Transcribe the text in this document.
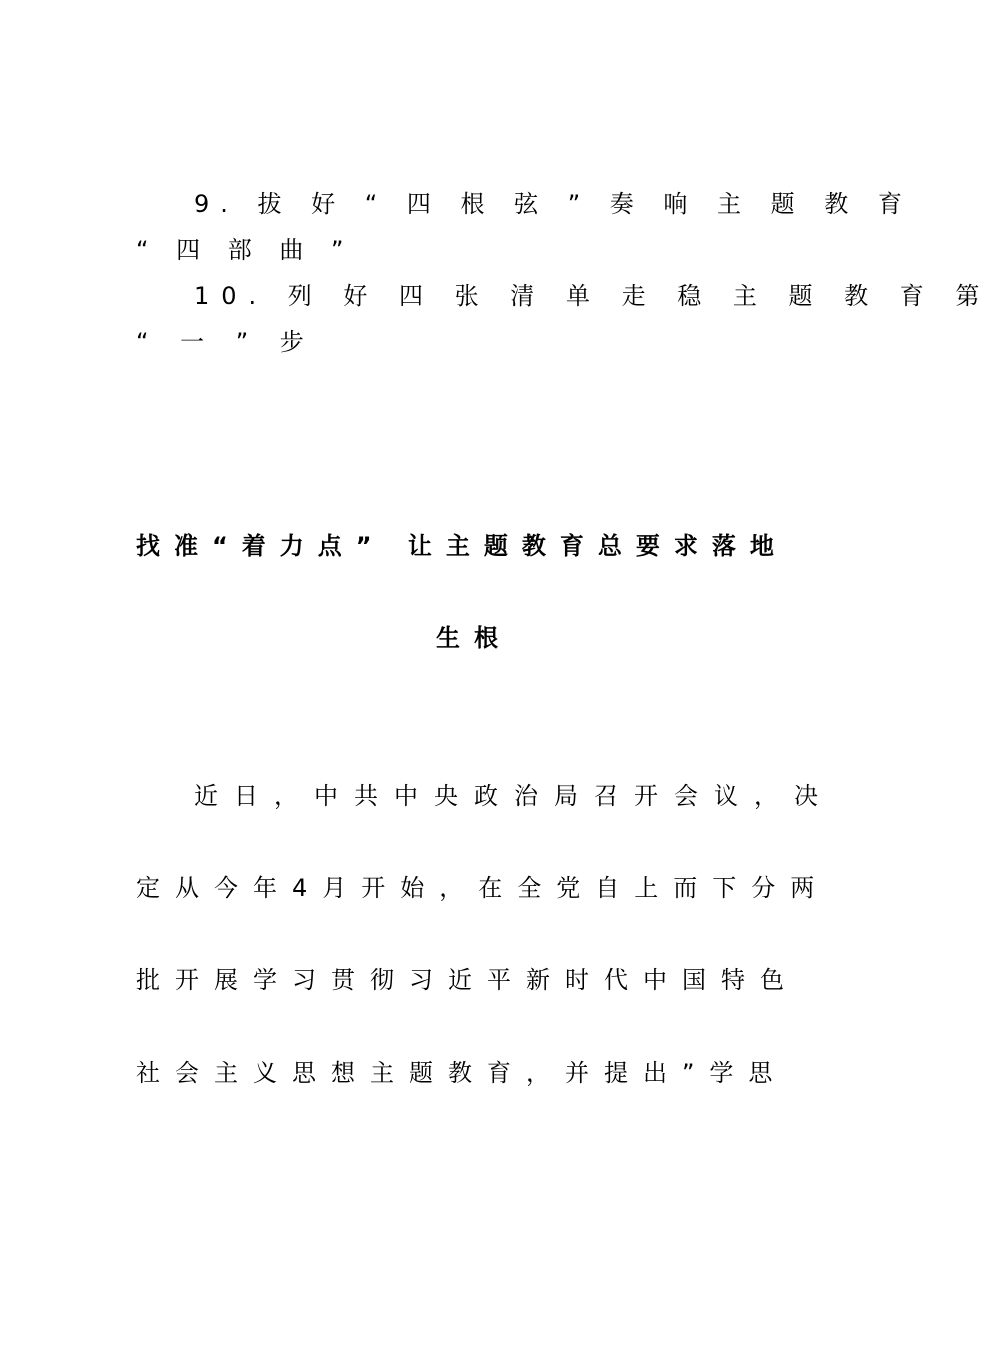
9. 拔 好 “ 四 根 弦 ” 奏 响 主 题 教 育
“ 四 部 曲 ”
10. 列 好 四 张 清 单 走 稳 主 题 教 育 第
“ 一 ” 步
找准“着力点” 让主题教育总要求落地
生根
近日，中共中央政治局召开会议，决
定从今年4月开始，在全党自上而下分两
批开展学习贯彻习近平新时代中国特色
社会主义思想主题教育，并提出”学思
